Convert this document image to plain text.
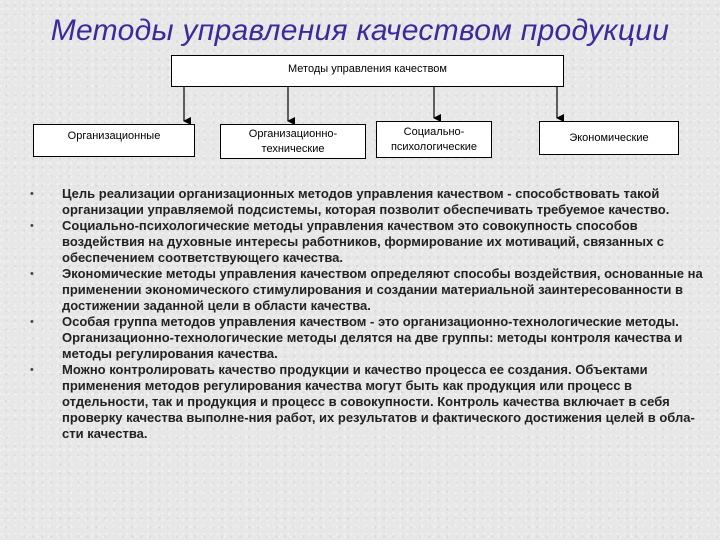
Методы управления качеством продукции
Методы управления качеством
Организационные	Организационно-технические
Социально-психологические
Экономические
• Цель реализации организационных методов управления качеством - способствовать такой организации управляемой подсистемы, которая позволит обеспечивать требуемое качество.
• Социально-психологические методы управления качеством это совокупность способов воздействия на духовные интересы работников, формирование их мотиваций, связанных с обеспечением соответствующего качества.
• Экономические методы управления качеством определяют способы воздействия, основанные на применении экономического стимулирования и создании материальной заинтересованности в достижении заданной цели в области качества.
• Особая группа методов управления качеством - это организационно-технологические методы. Организационно-технологические методы делятся на две группы: методы контроля качества и методы регулирования качества.
• Можно контролировать качество продукции и качество процесса ее создания. Объектами применения методов регулирования качества могут быть как продукция или процесс в отдельности, так и продукция и процесс в совокупности. Контроль качества включает в себя проверку качества выполне-ния работ, их результатов и фактического достижения целей в обла-сти качества.
